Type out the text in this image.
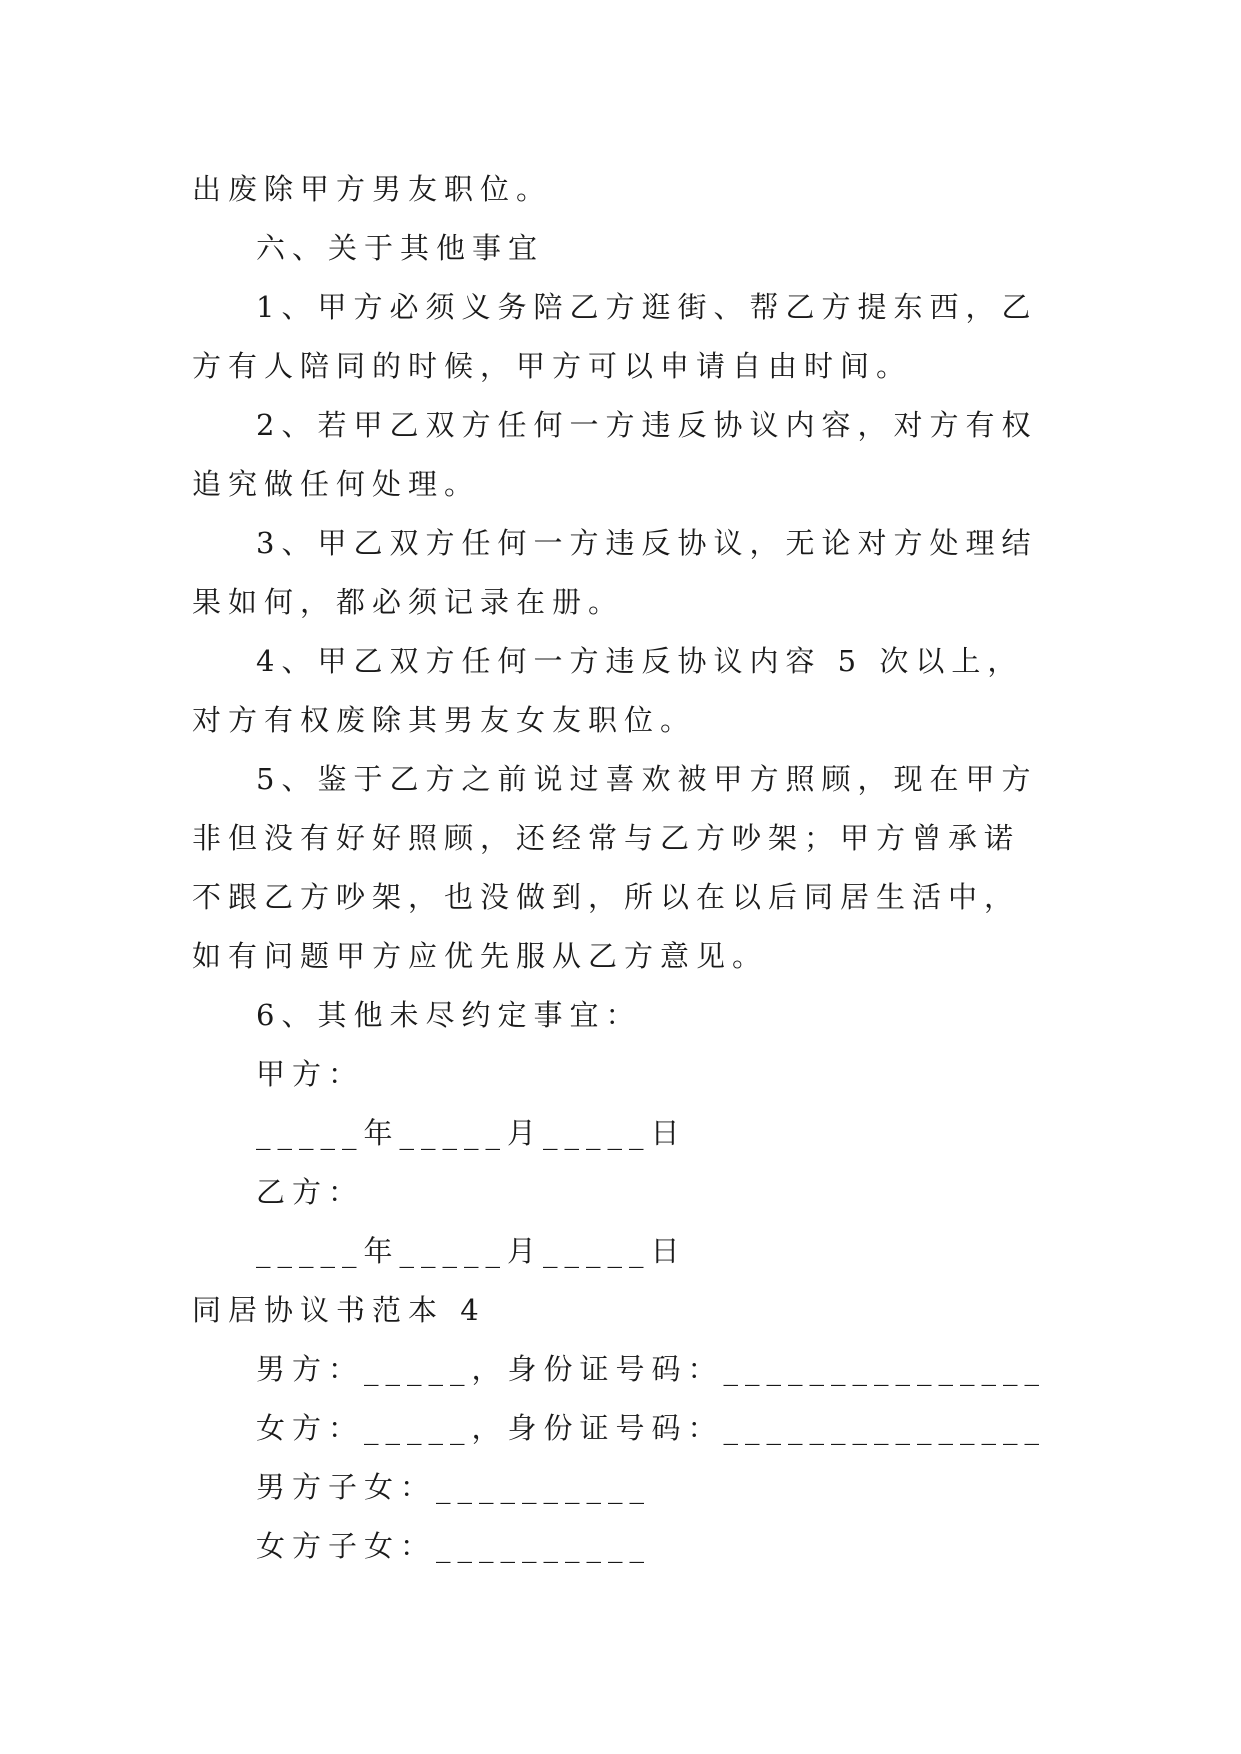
出废除甲方男友职位。

六、关于其他事宜

1、甲方必须义务陪乙方逛街、帮乙方提东西，乙方有人陪同的时候，甲方可以申请自由时间。

2、若甲乙双方任何一方违反协议内容，对方有权追究做任何处理。

3、甲乙双方任何一方违反协议，无论对方处理结果如何，都必须记录在册。

4、甲乙双方任何一方违反协议内容 5 次以上，对方有权废除其男友女友职位。

5、鉴于乙方之前说过喜欢被甲方照顾，现在甲方非但没有好好照顾，还经常与乙方吵架；甲方曾承诺不跟乙方吵架，也没做到，所以在以后同居生活中，如有问题甲方应优先服从乙方意见。

6、其他未尽约定事宜：

甲方：

_____年_____月_____日

乙方：

_____年_____月_____日

同居协议书范本 4

男方：_____，身份证号码：_______________

女方：_____，身份证号码：_______________

男方子女：__________

女方子女：__________
